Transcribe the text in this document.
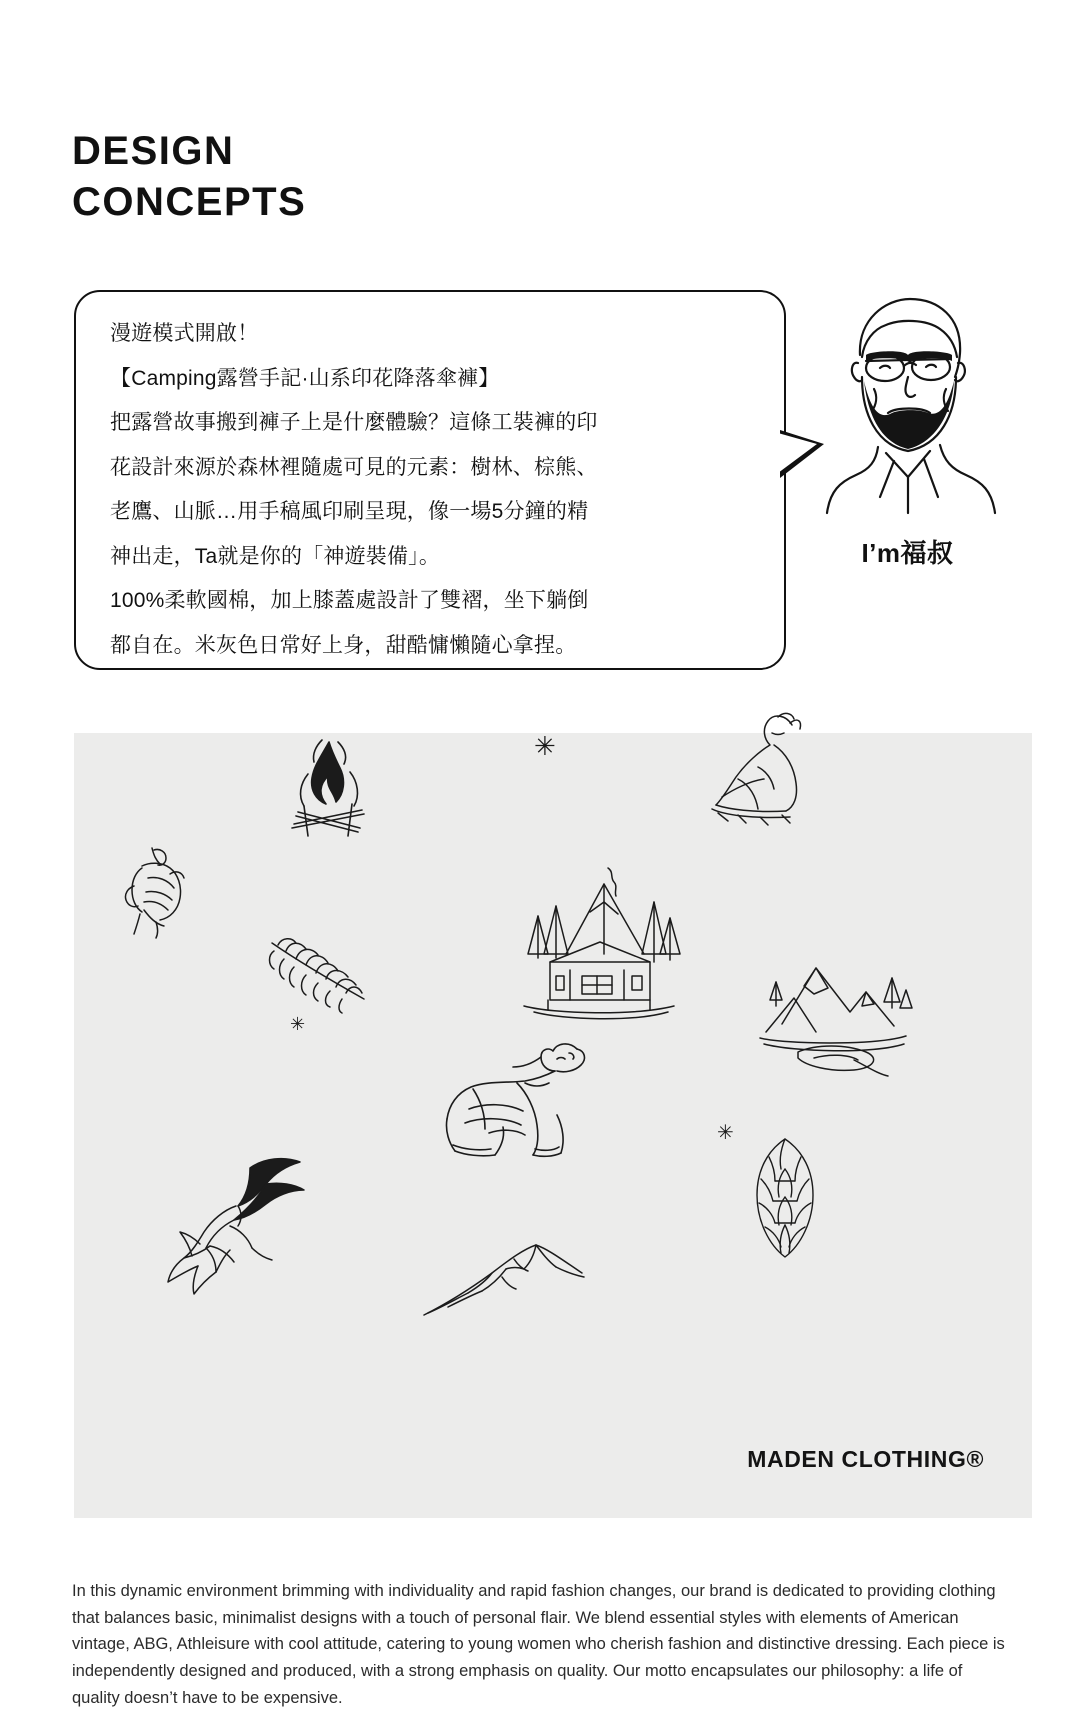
DESIGN
CONCEPTS

漫遊模式開啟！

【Camping露營手記·山系印花降落傘褲】

把露營故事搬到褲子上是什麼體驗？這條工裝褲的印

花設計來源於森林裡隨處可見的元素：樹林、棕熊、

老鷹、山脈…用手稿風印刷呈現，像一場5分鐘的精

神出走，Ta就是你的「神遊裝備」。

100%柔軟國棉，加上膝蓋處設計了雙褶，坐下躺倒

都自在。米灰色日常好上身，甜酷慵懶隨心拿捏。

I’m福叔
✳
✳
✳
MADEN CLOTHING®
In this dynamic environment brimming with individuality and rapid fashion changes, our brand is dedicated to providing clothing that balances basic, minimalist designs with a touch of personal flair. We blend essential styles with elements of American vintage, ABG, Athleisure with cool attitude, catering to young women who cherish fashion and distinctive dressing. Each piece is independently designed and produced, with a strong emphasis on quality. Our motto encapsulates our philosophy: a life of quality doesn’t have to be expensive.
